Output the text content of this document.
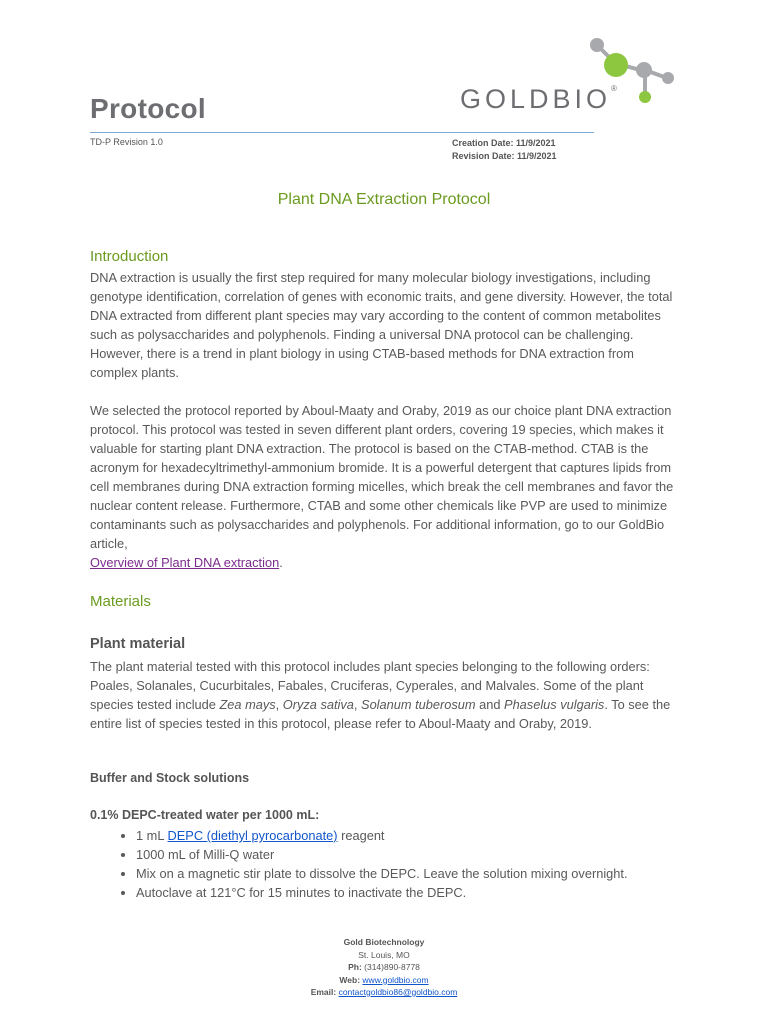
Protocol	GOLDBIO®
TD-P Revision 1.0	Creation Date: 11/9/2021
Revision Date: 11/9/2021
Plant DNA Extraction Protocol
Introduction

DNA extraction is usually the first step required for many molecular biology investigations, including genotype identification, correlation of genes with economic traits, and gene diversity. However, the total DNA extracted from different plant species may vary according to the content of common metabolites such as polysaccharides and polyphenols. Finding a universal DNA protocol can be challenging. However, there is a trend in plant biology in using CTAB-based methods for DNA extraction from complex plants.

We selected the protocol reported by Aboul-Maaty and Oraby, 2019 as our choice plant DNA extraction protocol. This protocol was tested in seven different plant orders, covering 19 species, which makes it valuable for starting plant DNA extraction. The protocol is based on the CTAB-method. CTAB is the acronym for hexadecyltrimethyl-ammonium bromide. It is a powerful detergent that captures lipids from cell membranes during DNA extraction forming micelles, which break the cell membranes and favor the nuclear content release. Furthermore, CTAB and some other chemicals like PVP are used to minimize contaminants such as polysaccharides and polyphenols. For additional information, go to our GoldBio article,
Overview of Plant DNA extraction.

Materials
Plant material

The plant material tested with this protocol includes plant species belonging to the following orders: Poales, Solanales, Cucurbitales, Fabales, Cruciferas, Cyperales, and Malvales. Some of the plant species tested include Zea mays, Oryza sativa, Solanum tuberosum and Phaselus vulgaris. To see the entire list of species tested in this protocol, please refer to Aboul-Maaty and Oraby, 2019.

Buffer and Stock solutions
0.1% DEPC-treated water per 1000 mL:
• 1 mL DEPC (diethyl pyrocarbonate) reagent
• 1000 mL of Milli-Q water
• Mix on a magnetic stir plate to dissolve the DEPC. Leave the solution mixing overnight.
• Autoclave at 121°C for 15 minutes to inactivate the DEPC.
Gold Biotechnology
St. Louis, MO
Ph: (314)890-8778
Web: www.goldbio.com
Email: contactgoldbio86@goldbio.com
